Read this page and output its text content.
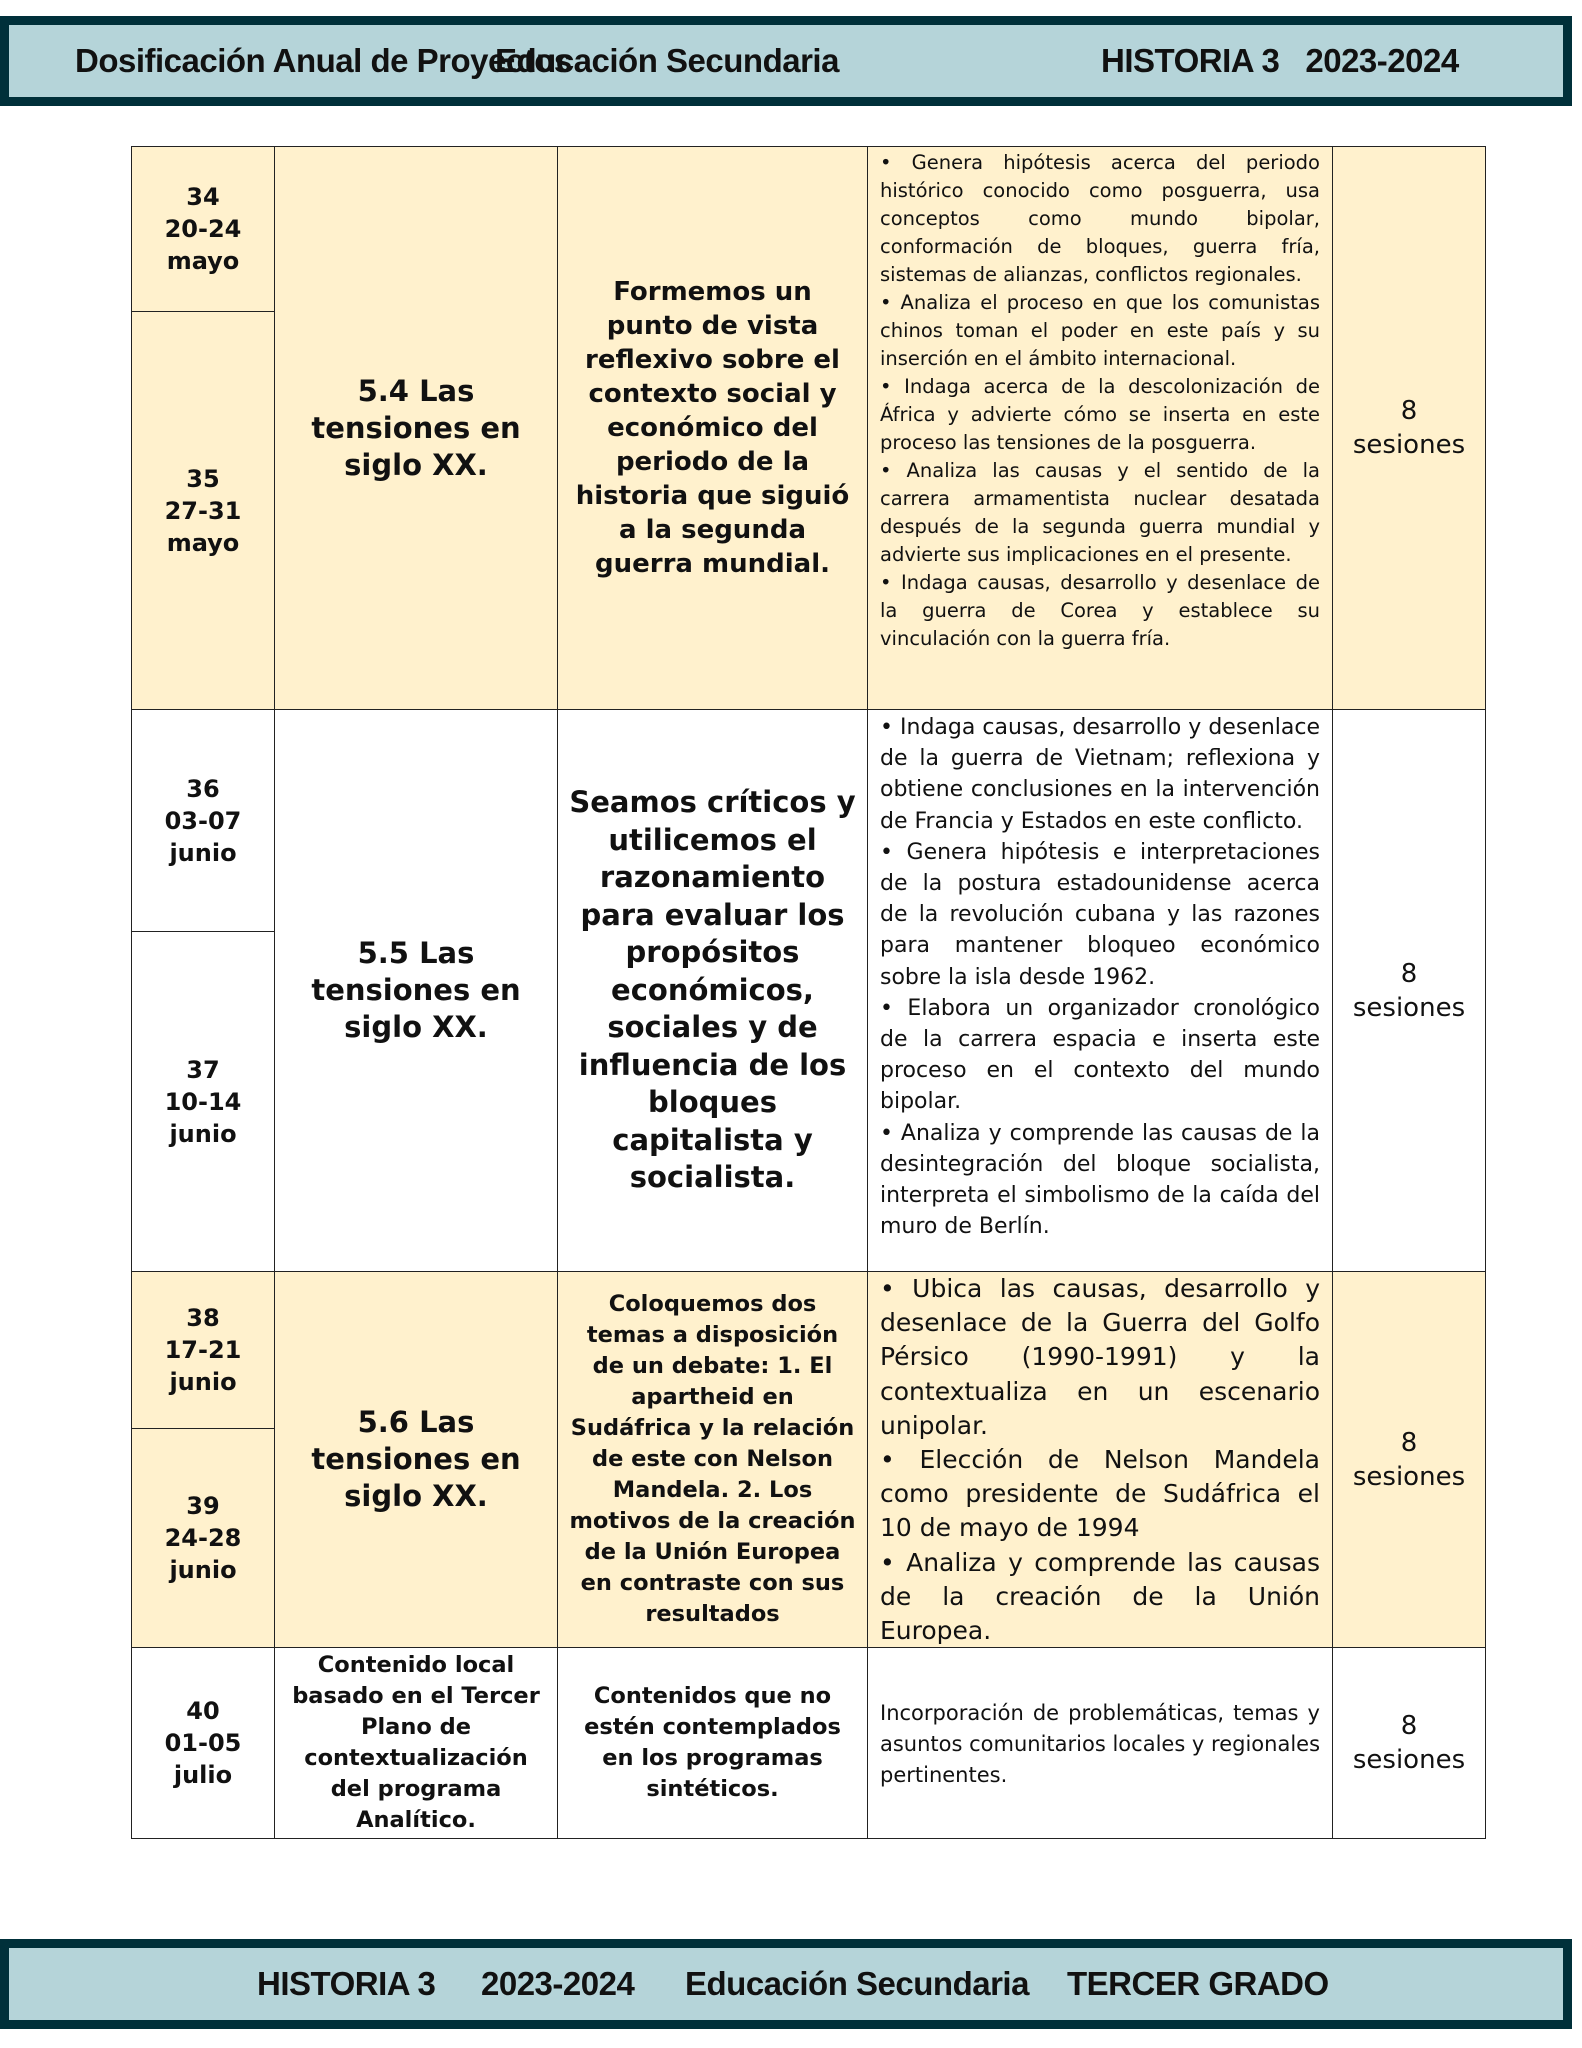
Dosificación Anual de Proyectos
Educación Secundaria	HISTORIA 3   2023-2024
34
20-24
mayo
35
27-31
mayo
5.4 Las tensiones en siglo XX.
Formemos un punto de vista reflexivo sobre el contexto social y económico del periodo de la historia que siguió a la segunda guerra mundial.

• Genera hipótesis acerca del periodo histórico conocido como posguerra, usa conceptos como mundo bipolar, conformación de bloques, guerra fría, sistemas de alianzas, conflictos regionales.

• Analiza el proceso en que los comunistas chinos toman el poder en este país y su inserción en el ámbito internacional.

• Indaga acerca de la descolonización de África y advierte cómo se inserta en este proceso las tensiones de la posguerra.

• Analiza las causas y el sentido de la carrera armamentista nuclear desatada después de la segunda guerra mundial y advierte sus implicaciones en el presente.

• Indaga causas, desarrollo y desenlace de la guerra de Corea y establece su vinculación con la guerra fría.

8
sesiones
36
03-07
junio
37
10-14
junio
5.5 Las tensiones en siglo XX.
Seamos críticos y utilicemos el razonamiento para evaluar los propósitos económicos, sociales y de influencia de los bloques capitalista y socialista.

• Indaga causas, desarrollo y desenlace de la guerra de Vietnam; reflexiona y obtiene conclusiones en la intervención de Francia y Estados en este conflicto.

• Genera hipótesis e interpretaciones de la postura estadounidense acerca de la revolución cubana y las razones para mantener bloqueo económico sobre la isla desde 1962.

• Elabora un organizador cronológico de la carrera espacia e inserta este proceso en el contexto del mundo bipolar.

• Analiza y comprende las causas de la desintegración del bloque socialista, interpreta el simbolismo de la caída del muro de Berlín.

8
sesiones
38
17-21
junio
39
24-28
junio
5.6 Las tensiones en siglo XX.
Coloquemos dos temas a disposición de un debate: 1. El apartheid en Sudáfrica y la relación de este con Nelson Mandela. 2. Los motivos de la creación de la Unión Europea en contraste con sus resultados

• Ubica las causas, desarrollo y desenlace de la Guerra del Golfo Pérsico (1990-1991) y la contextualiza en un escenario unipolar.

• Elección de Nelson Mandela como presidente de Sudáfrica el 10 de mayo de 1994

• Analiza y comprende las causas de la creación de la Unión Europea.

8
sesiones
40
01-05
julio
Contenido local basado en el Tercer Plano de contextualización del programa Analítico.
Contenidos que no estén contemplados en los programas sintéticos.

Incorporación de problemáticas, temas y asuntos comunitarios locales y regionales pertinentes.

8
sesiones
HISTORIA 3 2023-2024 Educación Secundaria TERCER GRADO
